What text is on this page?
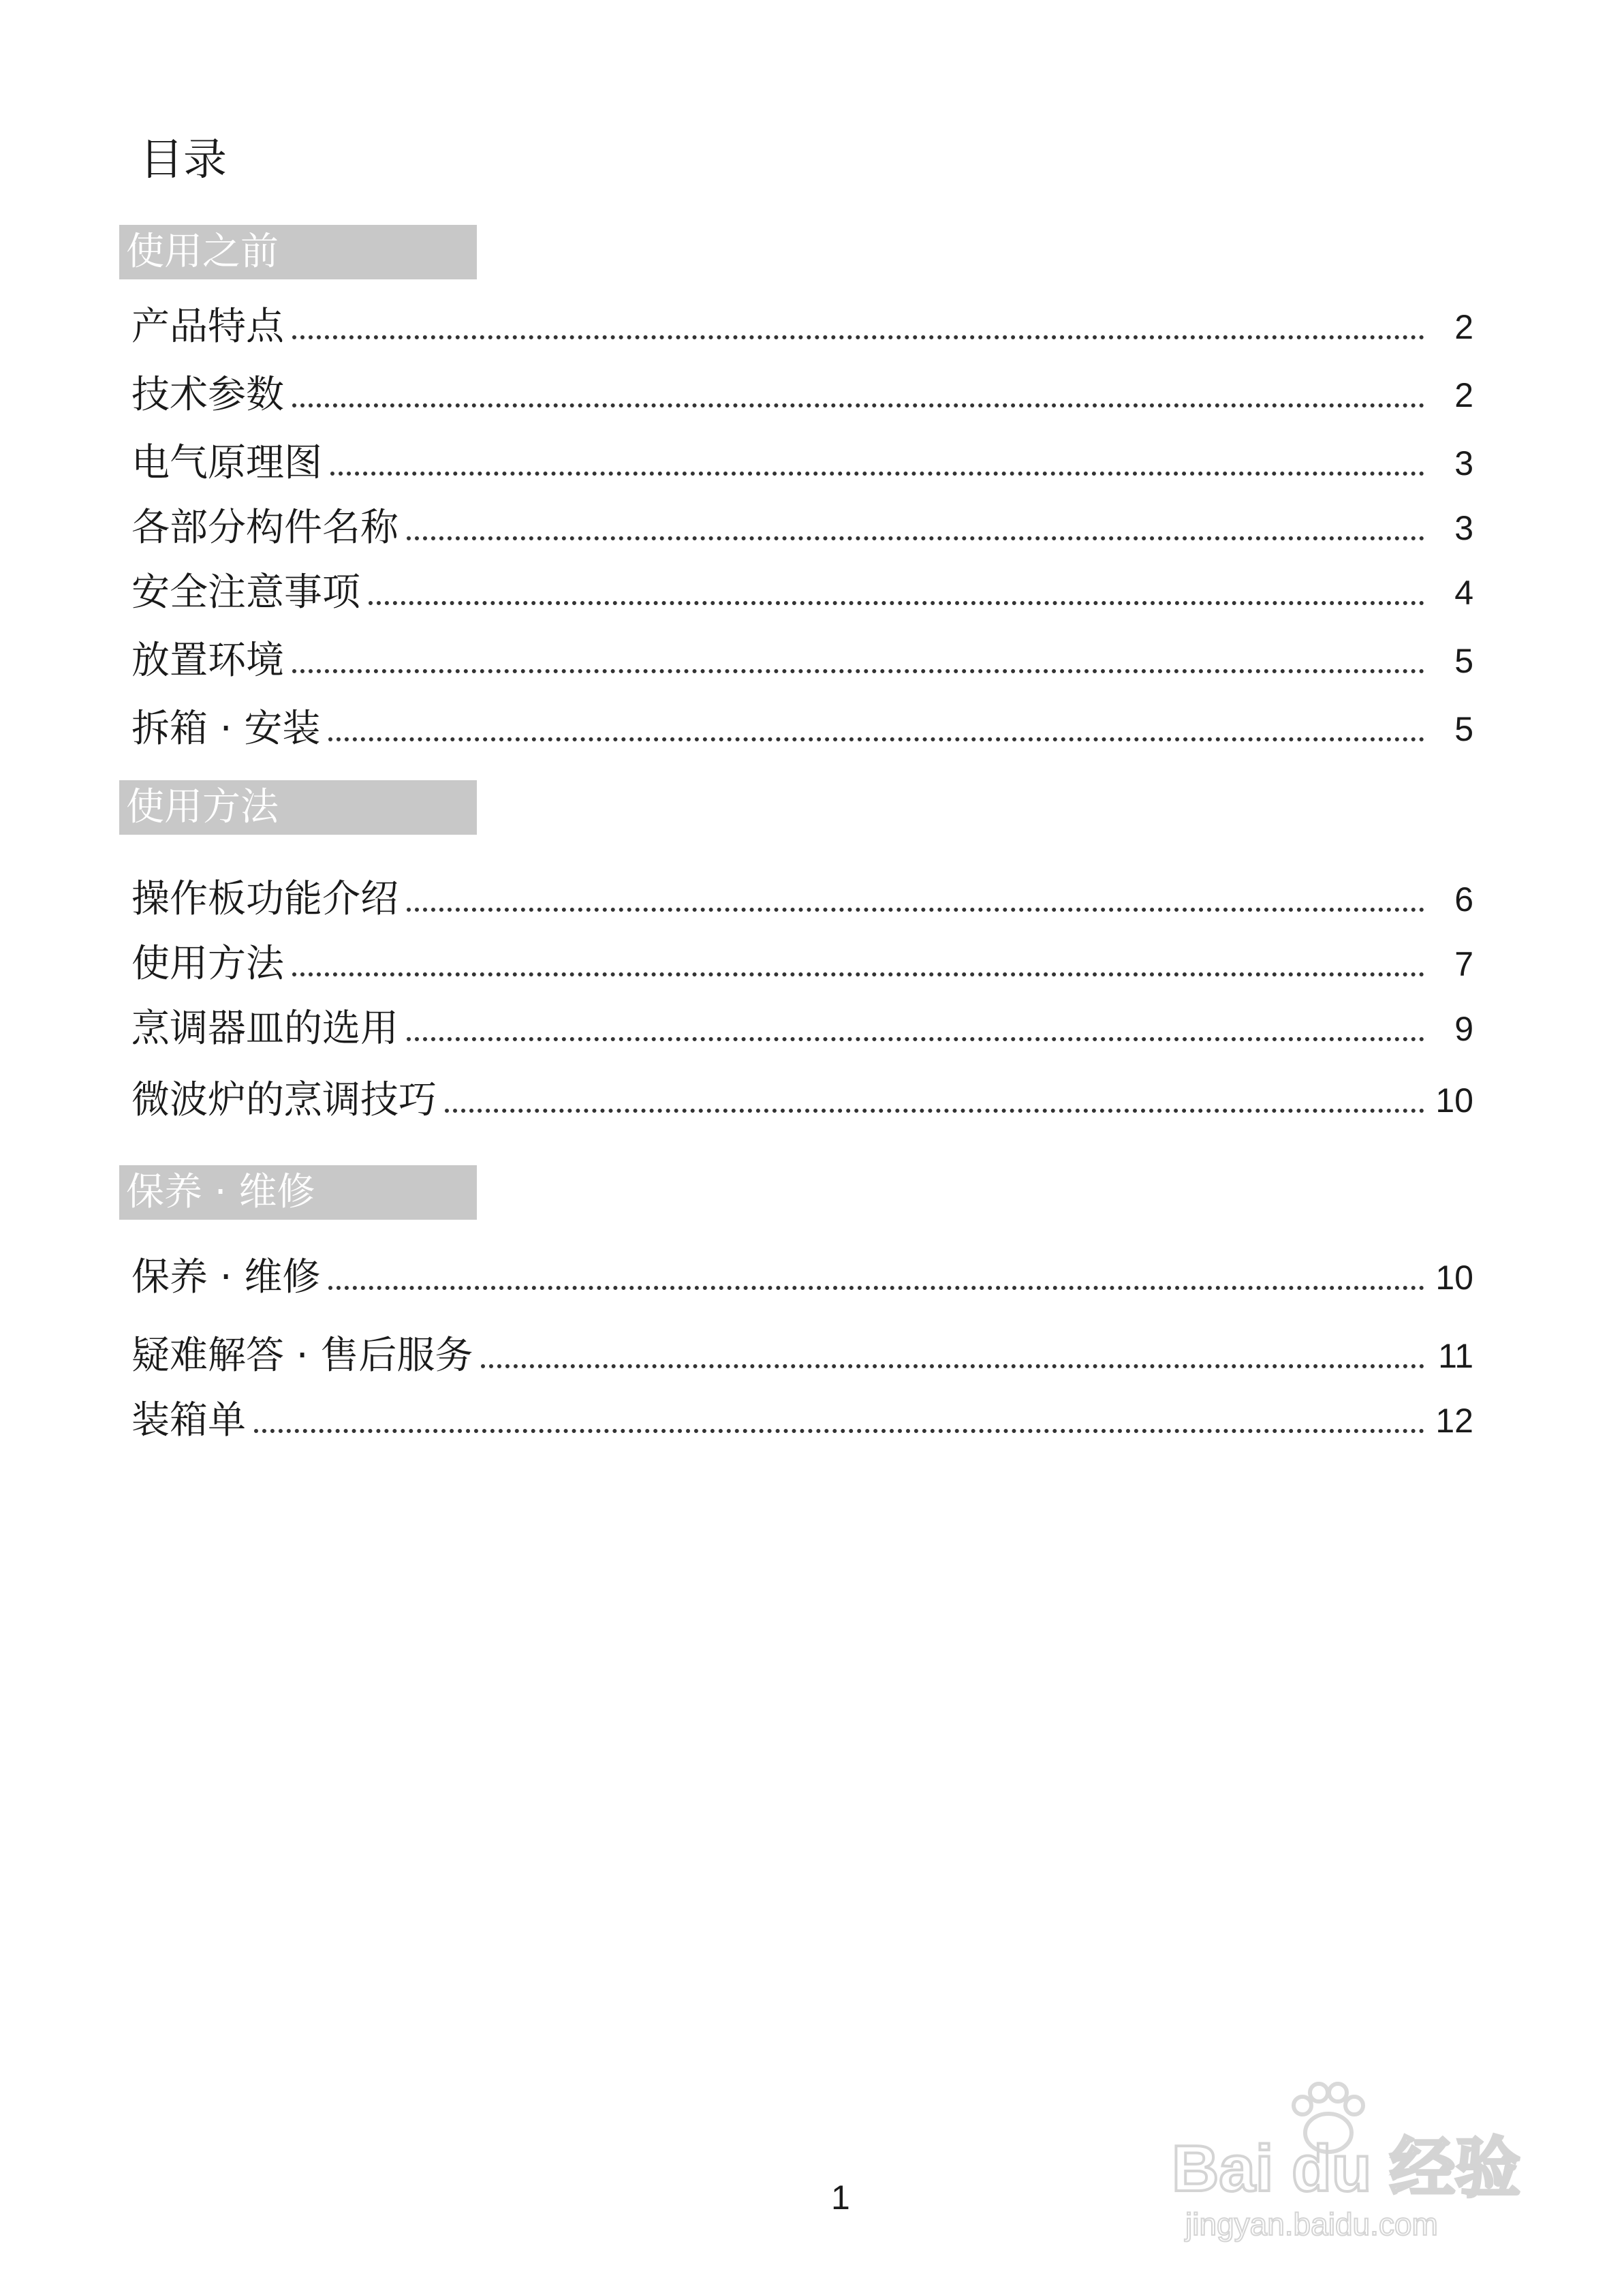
目录
使用之前
产品特点	2
技术参数	2
电气原理图	3
各部分构件名称	3
安全注意事项	4
放置环境	5
拆箱 · 安装	5
使用方法
操作板功能介绍	6
使用方法	7
烹调器皿的选用	9
微波炉的烹调技巧	10
保养 · 维修
保养 · 维修	10
疑难解答 · 售后服务	11
装箱单	12
1	Bai du 经验
jingyan.baidu.com
